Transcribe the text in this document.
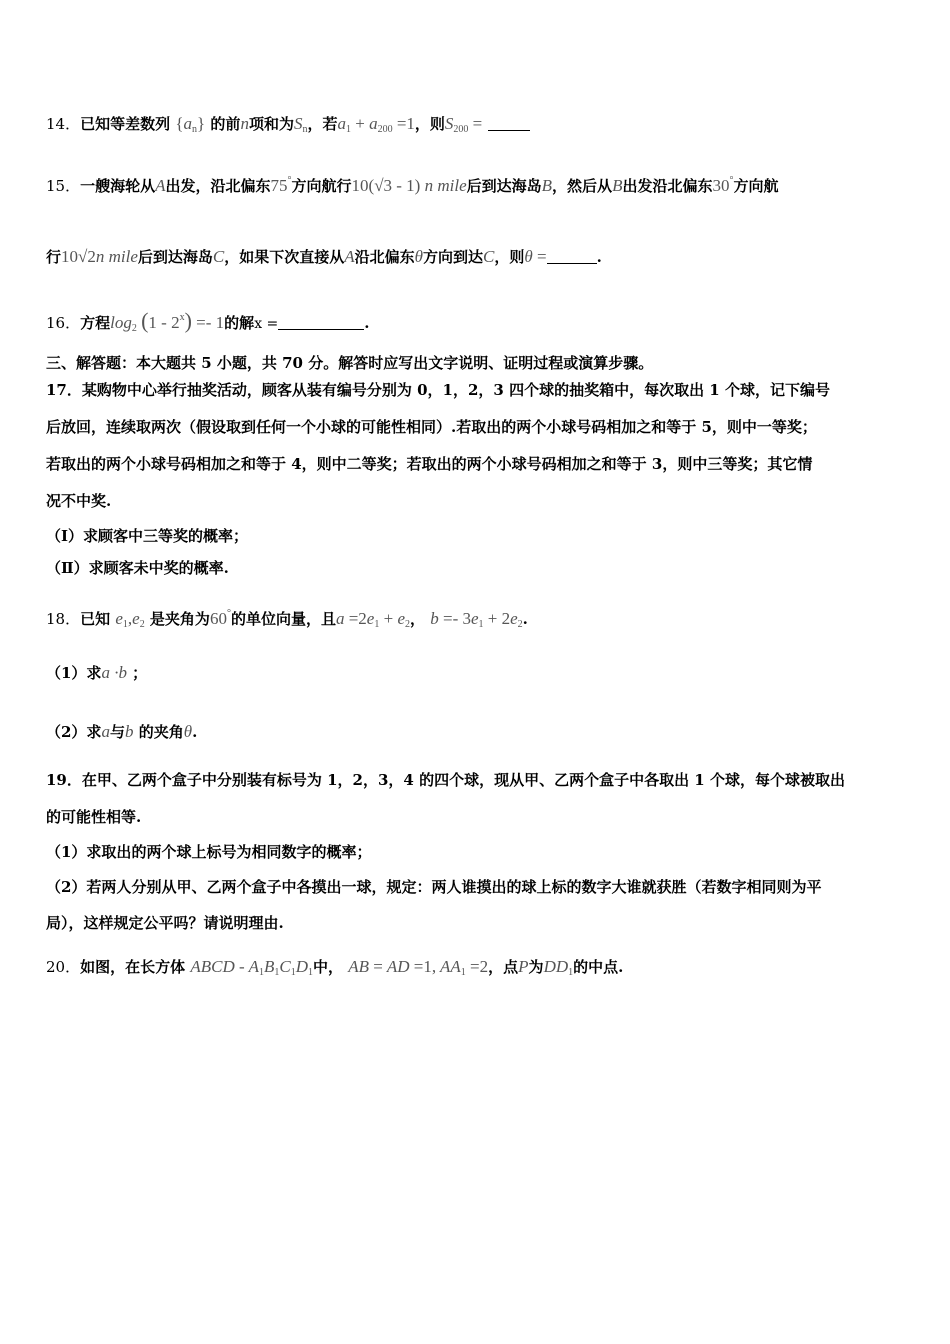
14．已知等差数列 $\{a_n\}$ 的前n项和为$S_n$，若$a_1 + a_{200} =1$，则$S_{200}$ =
15．一艘海轮从A出发，沿北偏东75°方向航行10(√3 - 1) n mile后到达海岛B，然后从B出发沿北偏东30°方向航
行10√2n mile后到达海岛C，如果下次直接从A沿北偏东θ方向到达C，则θ =	.
16．方程$\log_2 (1 - 2^x) =- 1$的解x =	.
三、解答题：本大题共 5 小题，共 70 分。解答时应写出文字说明、证明过程或演算步骤。
17．某购物中心举行抽奖活动，顾客从装有编号分别为 0，1，2，3 四个球的抽奖箱中，每次取出 1 个球，记下编号
后放回，连续取两次（假设取到任何一个小球的可能性相同）.若取出的两个小球号码相加之和等于 5，则中一等奖；
若取出的两个小球号码相加之和等于 4，则中二等奖；若取出的两个小球号码相加之和等于 3，则中三等奖；其它情
况不中奖.
（Ⅰ）求顾客中三等奖的概率；
（Ⅱ）求顾客未中奖的概率.
18．已知 $e_1,e_2$ 是夹角为60°的单位向量，且$a =2e_1 + e_2$， $b =- 3e_1 + 2e_2$.
（1）求a ·b ；
（2）求a与b 的夹角θ.
19．在甲、乙两个盒子中分别装有标号为 1，2，3，4 的四个球，现从甲、乙两个盒子中各取出 1 个球，每个球被取出
的可能性相等.
（1）求取出的两个球上标号为相同数字的概率；
（2）若两人分别从甲、乙两个盒子中各摸出一球，规定：两人谁摸出的球上标的数字大谁就获胜（若数字相同则为平
局），这样规定公平吗？请说明理由.
20．如图，在长方体 ABCD - $A_1B_1C_1D_1$中， AB = AD =1, $AA_1 =2$，点P为$DD_1$的中点.
